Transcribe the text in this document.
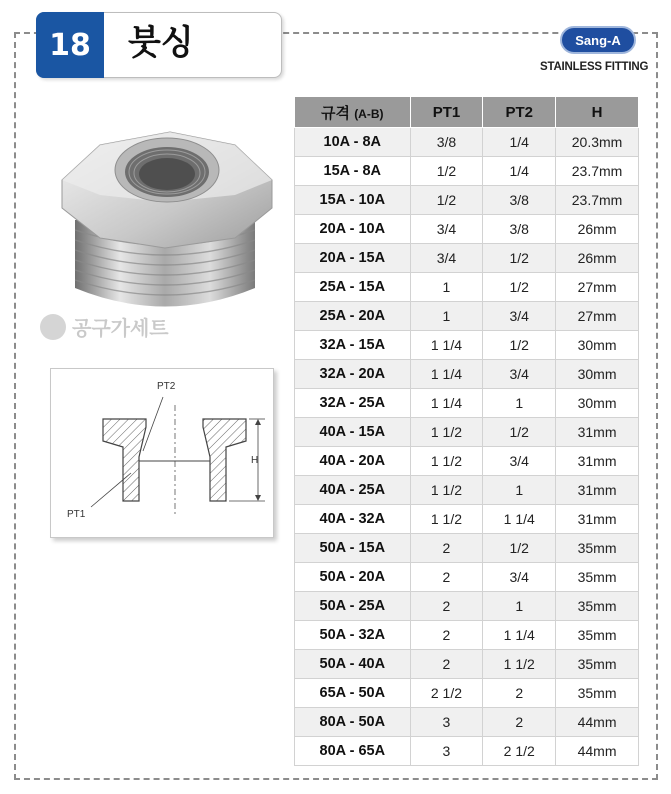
18	붓싱	Sang-A
STAINLESS FITTING
공구가세트
PT2
H
PT1
규격 (A-B)	PT1	PT2	H
10A - 8A	3/8	1/4	20.3mm
15A - 8A	1/2	1/4	23.7mm
15A - 10A	1/2	3/8	23.7mm
20A - 10A	3/4	3/8	26mm
20A - 15A	3/4	1/2	26mm
25A - 15A	1	1/2	27mm
25A - 20A	1	3/4	27mm
32A - 15A	1 1/4	1/2	30mm
32A - 20A	1 1/4	3/4	30mm
32A - 25A	1 1/4	1	30mm
40A - 15A	1 1/2	1/2	31mm
40A - 20A	1 1/2	3/4	31mm
40A - 25A	1 1/2	1	31mm
40A - 32A	1 1/2	1 1/4	31mm
50A - 15A	2	1/2	35mm
50A - 20A	2	3/4	35mm
50A - 25A	2	1	35mm
50A - 32A	2	1 1/4	35mm
50A - 40A	2	1 1/2	35mm
65A - 50A	2 1/2	2	35mm
80A - 50A	3	2	44mm
80A - 65A	3	2 1/2	44mm
